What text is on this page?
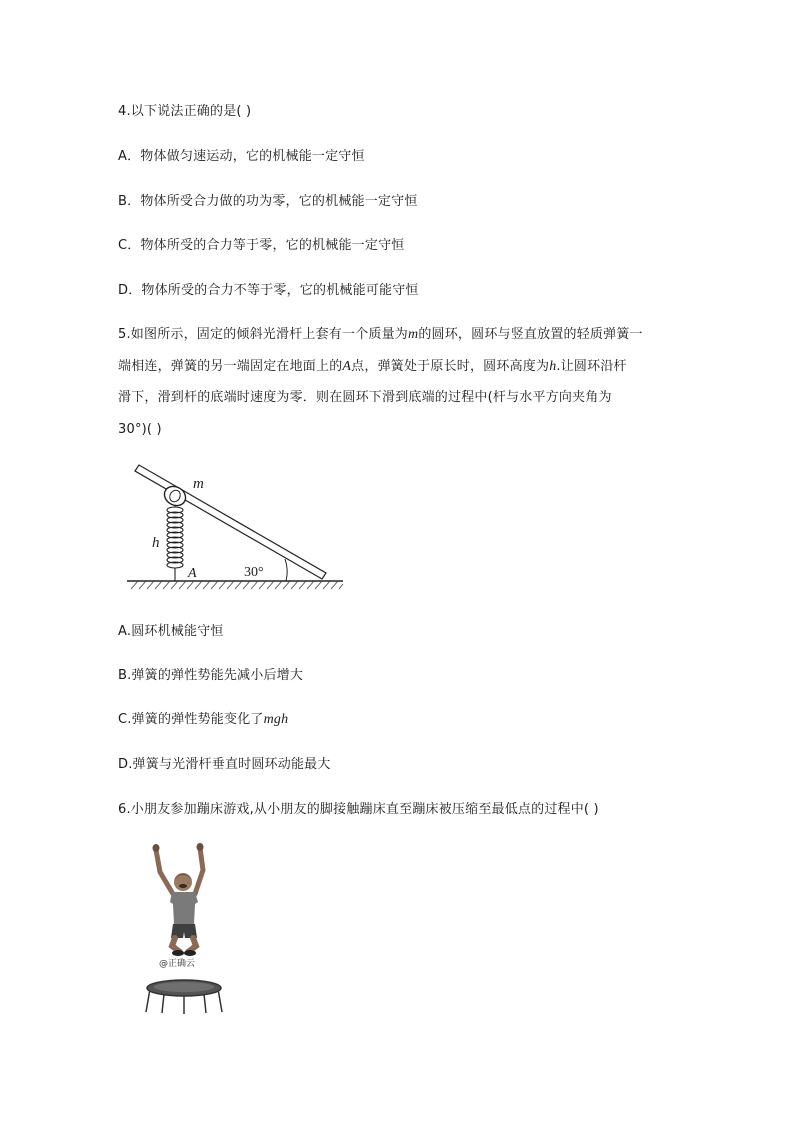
4.以下说法正确的是( )
A．物体做匀速运动，它的机械能一定守恒
B．物体所受合力做的功为零，它的机械能一定守恒
C．物体所受的合力等于零，它的机械能一定守恒
D．物体所受的合力不等于零，它的机械能可能守恒
5.如图所示，固定的倾斜光滑杆上套有一个质量为m的圆环，圆环与竖直放置的轻质弹簧一
端相连，弹簧的另一端固定在地面上的A点，弹簧处于原长时，圆环高度为h.让圆环沿杆
滑下，滑到杆的底端时速度为零．则在圆环下滑到底端的过程中(杆与水平方向夹角为
30°)( )
m
h
A	30°
A.圆环机械能守恒
B.弹簧的弹性势能先减小后增大
C.弹簧的弹性势能变化了mgh
D.弹簧与光滑杆垂直时圆环动能最大
6.小朋友参加蹦床游戏,从小朋友的脚接触蹦床直至蹦床被压缩至最低点的过程中( )
@正确云
